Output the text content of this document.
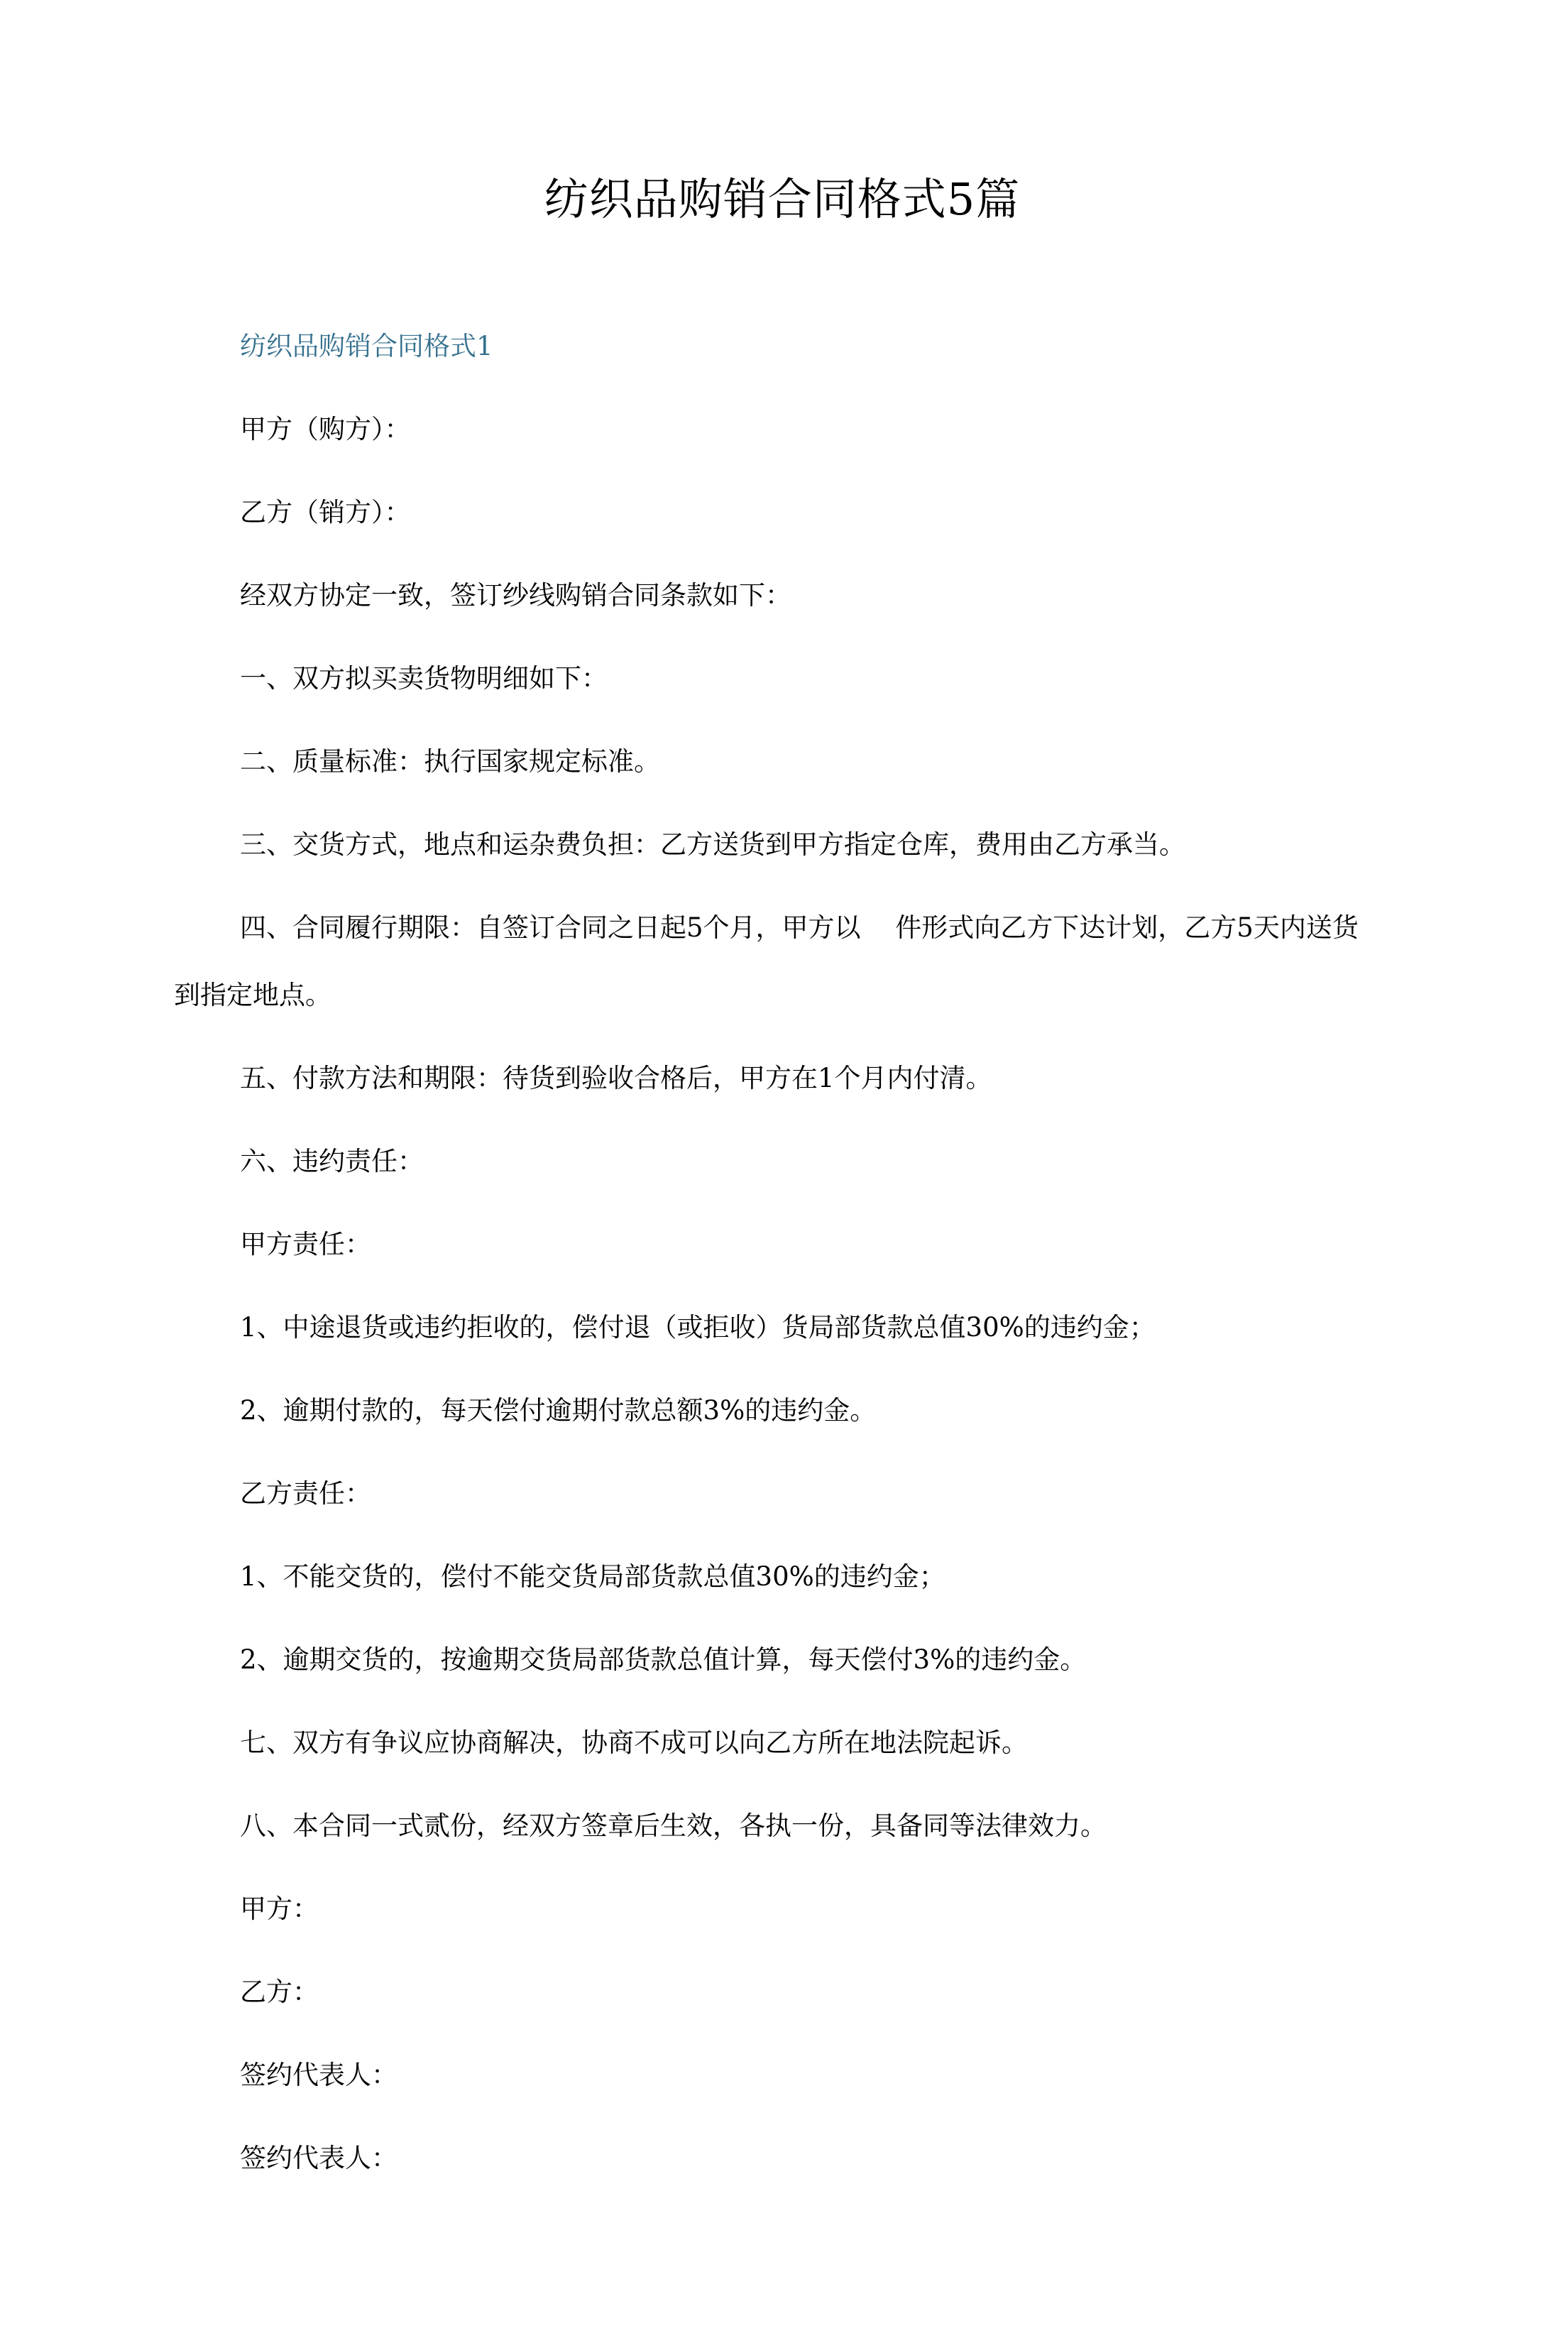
纺织品购销合同格式5篇
纺织品购销合同格式1

甲方（购方）：

乙方（销方）：

经双方协定一致，签订纱线购销合同条款如下：

一、双方拟买卖货物明细如下：

二、质量标准：执行国家规定标准。

三、交货方式，地点和运杂费负担：乙方送货到甲方指定仓库，费用由乙方承当。

四、合同履行期限：自签订合同之日起5个月，甲方以　 件形式向乙方下达计划，乙方5天内送货

到指定地点。

五、付款方法和期限：待货到验收合格后，甲方在1个月内付清。

六、违约责任：

甲方责任：

1、中途退货或违约拒收的，偿付退（或拒收）货局部货款总值30%的违约金；

2、逾期付款的，每天偿付逾期付款总额3%的违约金。

乙方责任：

1、不能交货的，偿付不能交货局部货款总值30%的违约金；

2、逾期交货的，按逾期交货局部货款总值计算，每天偿付3%的违约金。

七、双方有争议应协商解决，协商不成可以向乙方所在地法院起诉。

八、本合同一式贰份，经双方签章后生效，各执一份，具备同等法律效力。

甲方：

乙方：

签约代表人：

签约代表人：
